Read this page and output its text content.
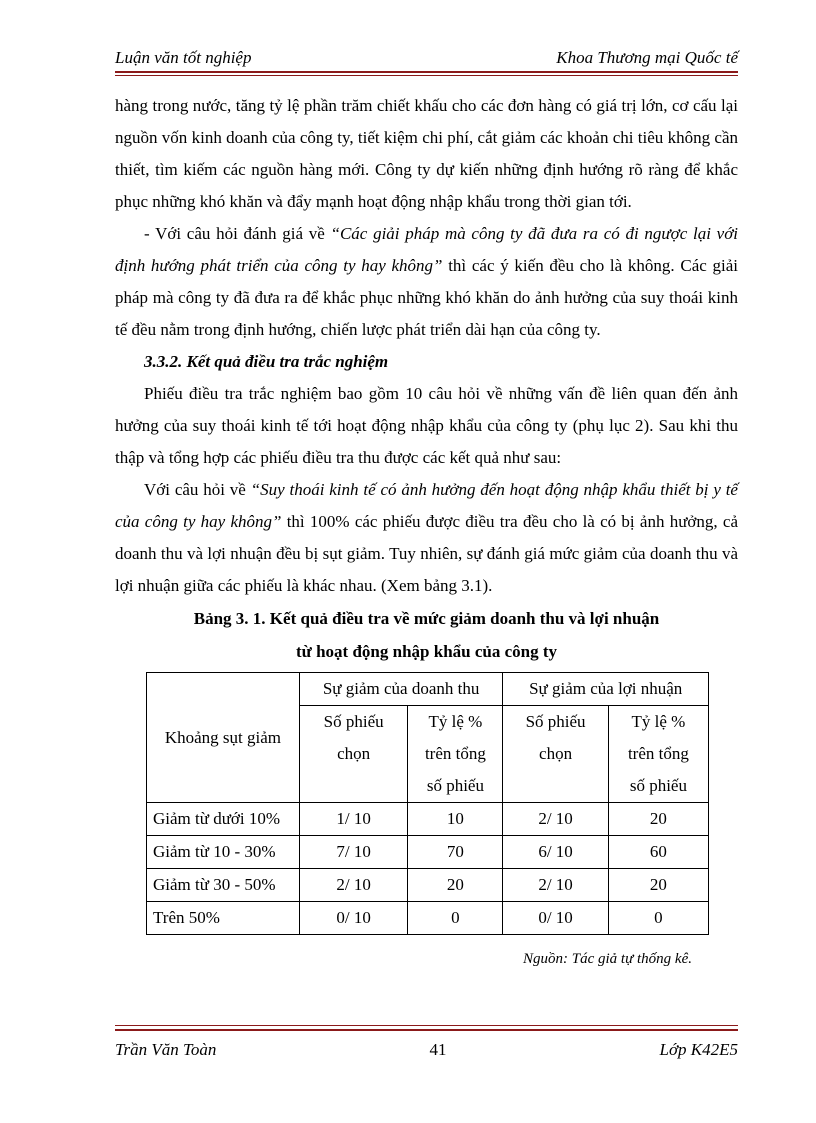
Luận văn tốt nghiệp	Khoa Thương mại Quốc tế

hàng trong nước, tăng tỷ lệ phần trăm chiết khấu cho các đơn hàng có giá trị lớn, cơ cấu lại nguồn vốn kinh doanh của công ty, tiết kiệm chi phí, cắt giảm các khoản chi tiêu không cần thiết, tìm kiếm các nguồn hàng mới. Công ty dự kiến những định hướng rõ ràng để khắc phục những khó khăn và đẩy mạnh hoạt động nhập khẩu trong thời gian tới.

- Với câu hỏi đánh giá về “Các giải pháp mà công ty đã đưa ra có đi ngược lại với định hướng phát triển của công ty hay không” thì các ý kiến đều cho là không. Các giải pháp mà công ty đã đưa ra để khắc phục những khó khăn do ảnh hưởng của suy thoái kinh tế đều nằm trong định hướng, chiến lược phát triển dài hạn của công ty.

3.3.2. Kết quả điều tra trắc nghiệm

Phiếu điều tra trắc nghiệm bao gồm 10 câu hỏi về những vấn đề liên quan đến ảnh hưởng của suy thoái kinh tế tới hoạt động nhập khẩu của công ty (phụ lục 2). Sau khi thu thập và tổng hợp các phiếu điều tra thu được các kết quả như sau:

Với câu hỏi về “Suy thoái kinh tế có ảnh hưởng đến hoạt động nhập khẩu thiết bị y tế của công ty hay không” thì 100% các phiếu được điều tra đều cho là có bị ảnh hưởng, cả doanh thu và lợi nhuận đều bị sụt giảm. Tuy nhiên, sự đánh giá mức giảm của doanh thu và lợi nhuận giữa các phiếu là khác nhau. (Xem bảng 3.1).

Bảng 3. 1. Kết quả điều tra về mức giảm doanh thu và lợi nhuận
từ hoạt động nhập khẩu của công ty
Khoảng sụt giảm	Sự giảm của doanh thu		Sự giảm của lợi nhuận	
	Số phiếu chọn	Tỷ lệ % trên tổng số phiếu	Số phiếu chọn	Tỷ lệ % trên tổng số phiếu
Giảm từ dưới 10%	1/ 10	10	2/ 10	20
Giảm từ 10 - 30%	7/ 10	70	6/ 10	60
Giảm từ 30 - 50%	2/ 10	20	2/ 10	20
Trên 50%	0/ 10	0	0/ 10	0
Nguồn: Tác giả tự thống kê.
Trần Văn Toàn	41	Lớp K42E5
